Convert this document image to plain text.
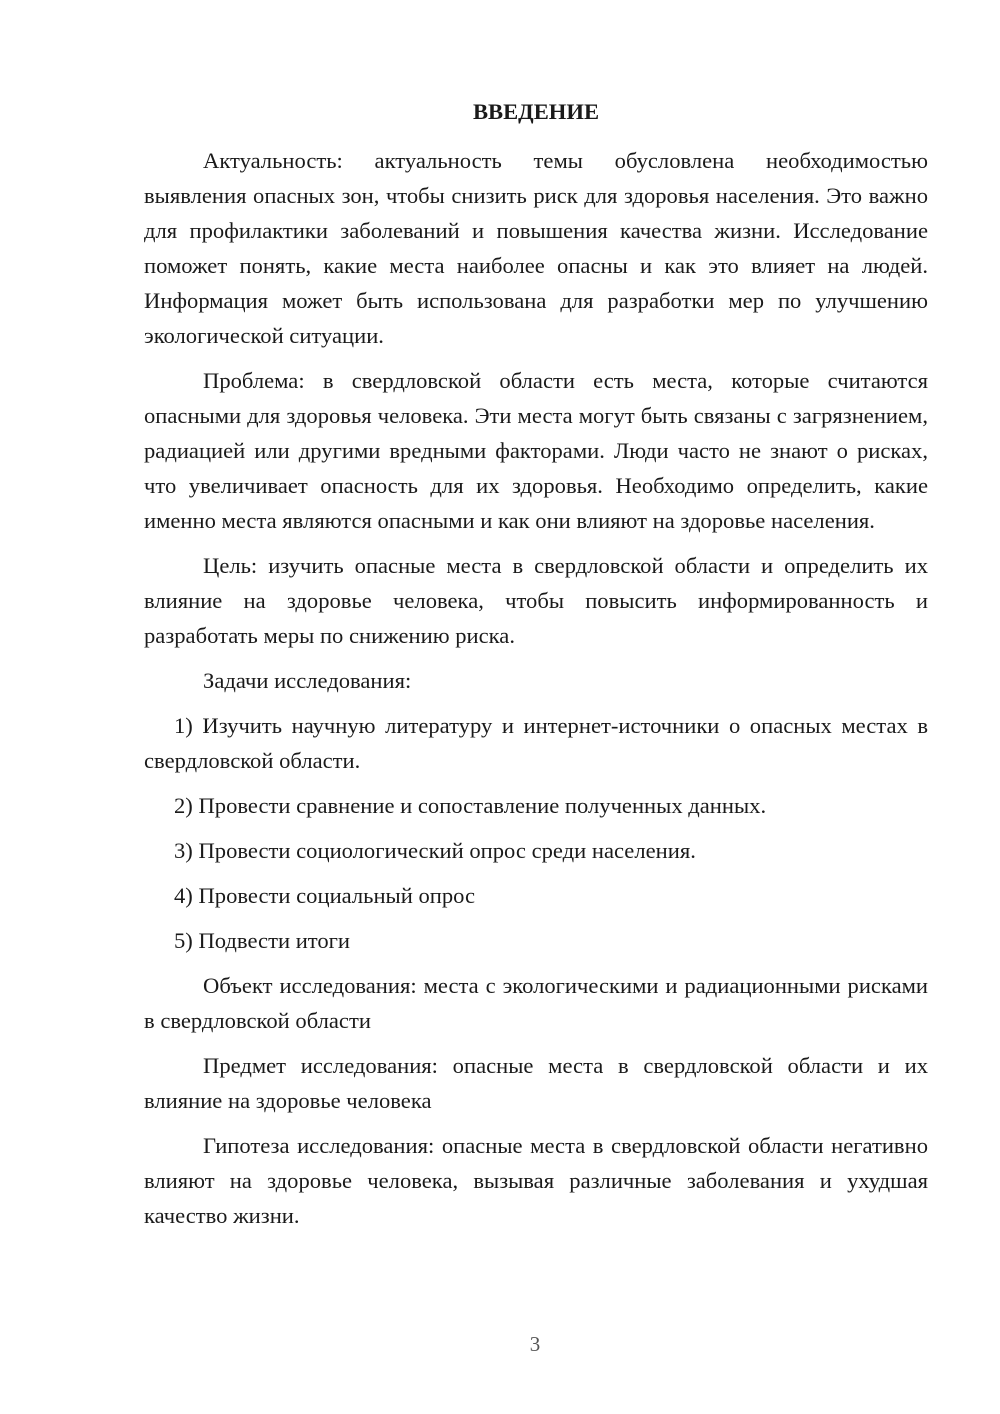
ВВЕДЕНИЕ

Актуальность: актуальность темы обусловлена необходимостью выявления опасных зон, чтобы снизить риск для здоровья населения. Это важно для профилактики заболеваний и повышения качества жизни. Исследование поможет понять, какие места наиболее опасны и как это влияет на людей. Информация может быть использована для разработки мер по улучшению экологической ситуации.

Проблема: в свердловской области есть места, которые считаются опасными для здоровья человека. Эти места могут быть связаны с загрязнением, радиацией или другими вредными факторами. Люди часто не знают о рисках, что увеличивает опасность для их здоровья. Необходимо определить, какие именно места являются опасными и как они влияют на здоровье населения.

Цель: изучить опасные места в свердловской области и определить их влияние на здоровье человека, чтобы повысить информированность и разработать меры по снижению риска.

Задачи исследования:

1) Изучить научную литературу и интернет-источники о опасных местах в свердловской области.

2) Провести сравнение и сопоставление полученных данных.

3) Провести социологический опрос среди населения.

4) Провести социальный опрос

5) Подвести итоги

Объект исследования: места с экологическими и радиационными рисками в свердловской области

Предмет исследования: опасные места в свердловской области и их влияние на здоровье человека

Гипотеза исследования: опасные места в свердловской области негативно влияют на здоровье человека, вызывая различные заболевания и ухудшая качество жизни.

3
